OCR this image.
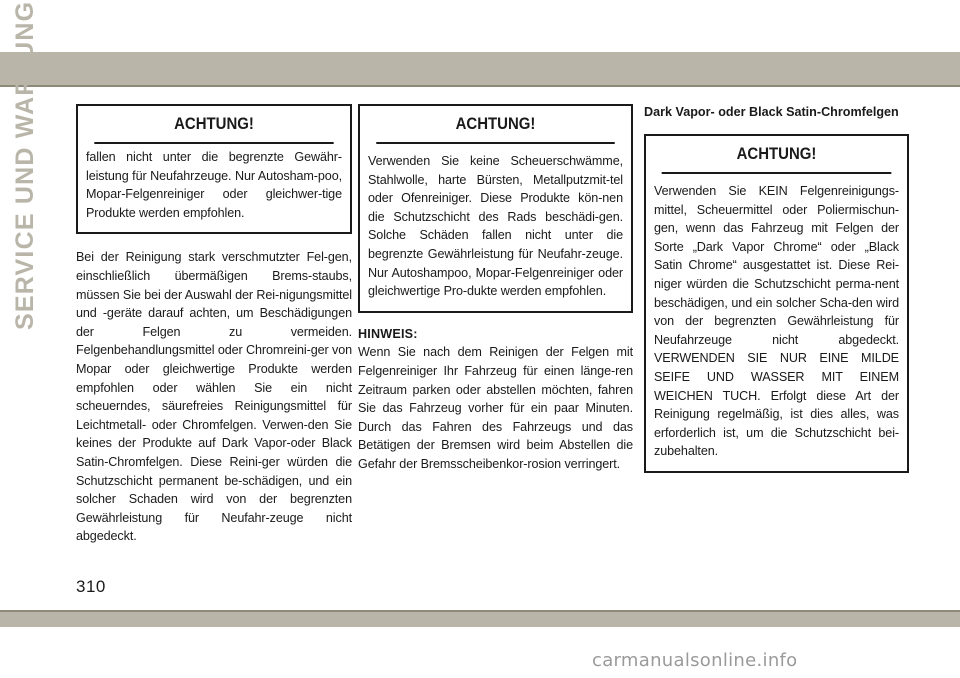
SERVICE UND WARTUNG	ACHTUNG!
fallen nicht unter die begrenzte Gewähr-leistung für Neufahrzeuge. Nur Autosham-poo, Mopar-Felgenreiniger oder gleichwer-tige Produkte werden empfohlen.
Bei der Reinigung stark verschmutzter Fel-gen, einschließlich übermäßigen Brems-staubs, müssen Sie bei der Auswahl der Rei-nigungsmittel und -geräte darauf achten, um Beschädigungen der Felgen zu vermeiden. Felgenbehandlungsmittel oder Chromreini-ger von Mopar oder gleichwertige Produkte werden empfohlen oder wählen Sie ein nicht scheuerndes, säurefreies Reinigungsmittel für Leichtmetall- oder Chromfelgen. Verwen-den Sie keines der Produkte auf Dark Vapor-oder Black Satin-Chromfelgen. Diese Reini-ger würden die Schutzschicht permanent be-schädigen, und ein solcher Schaden wird von der begrenzten Gewährleistung für Neufahr-zeuge nicht abgedeckt.
ACHTUNG!
Verwenden Sie keine Scheuerschwämme, Stahlwolle, harte Bürsten, Metallputzmit-tel oder Ofenreiniger. Diese Produkte kön-nen die Schutzschicht des Rads beschädi-gen. Solche Schäden fallen nicht unter die begrenzte Gewährleistung für Neufahr-zeuge. Nur Autoshampoo, Mopar-Felgenreiniger oder gleichwertige Pro-dukte werden empfohlen.
HINWEIS:
Wenn Sie nach dem Reinigen der Felgen mit Felgenreiniger Ihr Fahrzeug für einen länge-ren Zeitraum parken oder abstellen möchten, fahren Sie das Fahrzeug vorher für ein paar Minuten. Durch das Fahren des Fahrzeugs und das Betätigen der Bremsen wird beim Abstellen die Gefahr der Bremsscheibenkor-rosion verringert.
Dark Vapor- oder Black Satin-Chromfelgen
ACHTUNG!
Verwenden Sie KEIN Felgenreinigungs-mittel, Scheuermittel oder Poliermischun-gen, wenn das Fahrzeug mit Felgen der Sorte „Dark Vapor Chrome“ oder „Black Satin Chrome“ ausgestattet ist. Diese Rei-niger würden die Schutzschicht perma-nent beschädigen, und ein solcher Scha-den wird von der begrenzten Gewährleistung für Neufahrzeuge nicht abgedeckt. VERWENDEN SIE NUR EINE MILDE SEIFE UND WASSER MIT EINEM WEICHEN TUCH. Erfolgt diese Art der Reinigung regelmäßig, ist dies alles, was erforderlich ist, um die Schutzschicht bei-zubehalten.
310
carmanualsonline.info
